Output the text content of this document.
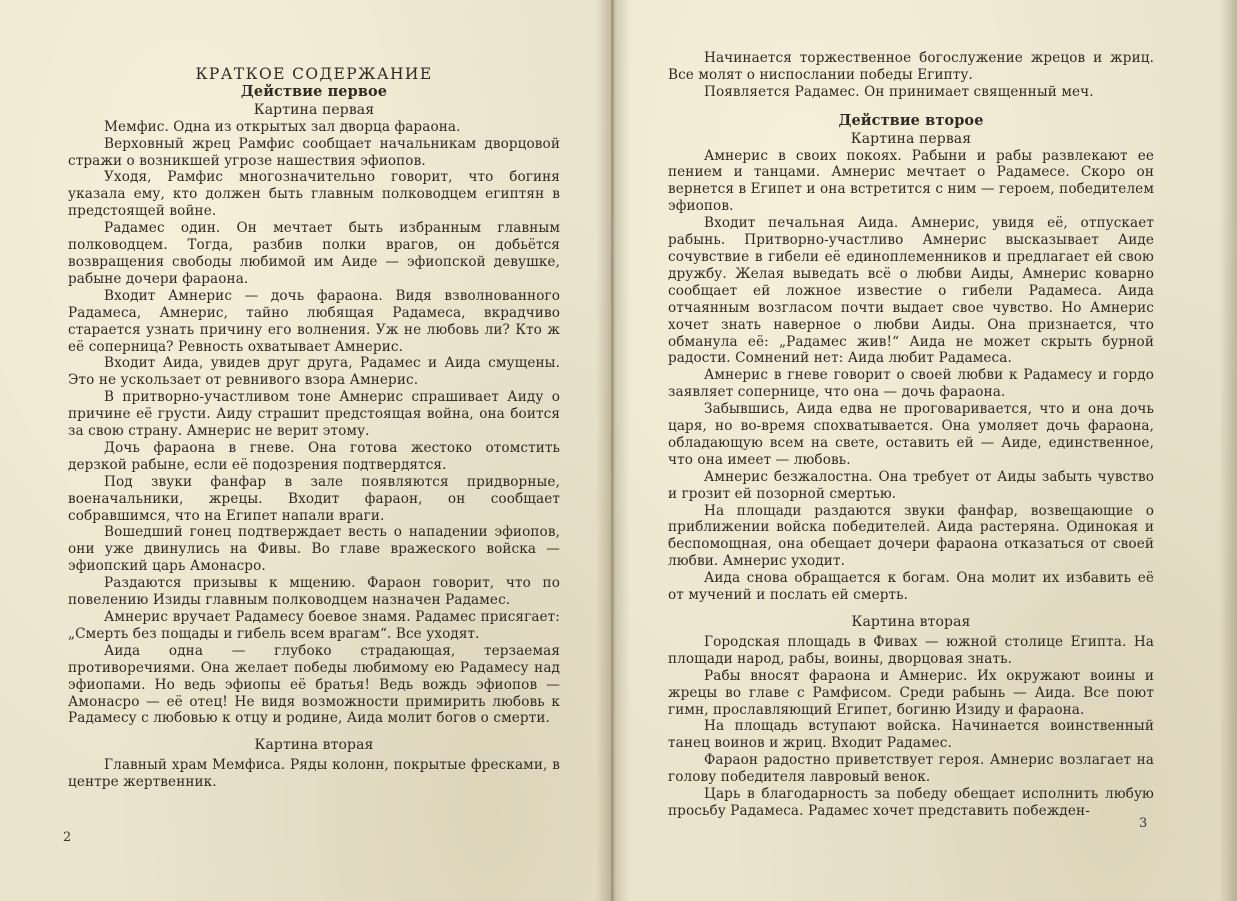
КРАТКОЕ СОДЕРЖАНИЕ
Действие первое
Картина первая

Мемфис. Одна из открытых зал дворца фараона.

Верховный жрец Рамфис сообщает начальникам дворцовой стражи о возникшей угрозе нашествия эфиопов.

Уходя, Рамфис многозначительно говорит, что богиня указала ему, кто должен быть главным полководцем египтян в предстоящей войне.

Радамес один. Он мечтает быть избранным главным полководцем. Тогда, разбив полки врагов, он добьётся возвращения свободы любимой им Аиде — эфиопской девушке, рабыне дочери фараона.

Входит Амнерис — дочь фараона. Видя взволнованного Радамеса, Амнерис, тайно любящая Радамеса, вкрадчиво старается узнать причину его волнения. Уж не любовь ли? Кто ж её соперница? Ревность охватывает Амнерис.

Входит Аида, увидев друг друга, Радамес и Аида смущены. Это не ускользает от ревнивого взора Амнерис.

В притворно-участливом тоне Амнерис спрашивает Аиду о причине её грусти. Аиду страшит предстоящая война, она боится за свою страну. Амнерис не верит этому.

Дочь фараона в гневе. Она готова жестоко отомстить дерзкой рабыне, если её подозрения подтвердятся.

Под звуки фанфар в зале появляются придворные, военачальники, жрецы. Входит фараон, он сообщает собравшимся, что на Египет напали враги.

Вошедший гонец подтверждает весть о нападении эфиопов, они уже двинулись на Фивы. Во главе вражеского войска — эфиопский царь Амонасро.

Раздаются призывы к мщению. Фараон говорит, что по повелению Изиды главным полководцем назначен Радамес.

Амнерис вручает Радамесу боевое знамя. Радамес присягает: „Смерть без пощады и гибель всем врагам“. Все уходят.

Аида одна — глубоко страдающая, терзаемая противоречиями. Она желает победы любимому ею Радамесу над эфиопами. Но ведь эфиопы её братья! Ведь вождь эфиопов — Амонасро — её отец! Не видя возможности примирить любовь к Радамесу с любовью к отцу и родине, Аида молит богов о смерти.

Картина вторая

Главный храм Мемфиса. Ряды колонн, покрытые фресками, в центре жертвенник.

2

Начинается торжественное богослужение жрецов и жриц. Все молят о ниспослании победы Египту.

Появляется Радамес. Он принимает священный меч.

Действие второе
Картина первая

Амнерис в своих покоях. Рабыни и рабы развлекают ее пением и танцами. Амнерис мечтает о Радамесе. Скоро он вернется в Египет и она встретится с ним — героем, победителем эфиопов.

Входит печальная Аида. Амнерис, увидя её, отпускает рабынь. Притворно-участливо Амнерис высказывает Аиде сочувствие в гибели её единоплеменников и предлагает ей свою дружбу. Желая выведать всё о любви Аиды, Амнерис коварно сообщает ей ложное известие о гибели Радамеса. Аида отчаянным возгласом почти выдает свое чувство. Но Амнерис хочет знать наверное о любви Аиды. Она признается, что обманула её: „Радамес жив!“ Аида не может скрыть бурной радости. Сомнений нет: Аида любит Радамеса.

Амнерис в гневе говорит о своей любви к Радамесу и гордо заявляет сопернице, что она — дочь фараона.

Забывшись, Аида едва не проговаривается, что и она дочь царя, но во-время спохватывается. Она умоляет дочь фараона, обладающую всем на свете, оставить ей — Аиде, единственное, что она имеет — любовь.

Амнерис безжалостна. Она требует от Аиды забыть чувство и грозит ей позорной смертью.

На площади раздаются звуки фанфар, возвещающие о приближении войска победителей. Аида растеряна. Одинокая и беспомощная, она обещает дочери фараона отказаться от своей любви. Амнерис уходит.

Аида снова обращается к богам. Она молит их избавить её от мучений и послать ей смерть.

Картина вторая

Городская площадь в Фивах — южной столице Египта. На площади народ, рабы, воины, дворцовая знать.

Рабы вносят фараона и Амнерис. Их окружают воины и жрецы во главе с Рамфисом. Среди рабынь — Аида. Все поют гимн, прославляющий Египет, богиню Изиду и фараона.

На площадь вступают войска. Начинается воинственный танец воинов и жриц. Входит Радамес.

Фараон радостно приветствует героя. Амнерис возлагает на голову победителя лавровый венок.

Царь в благодарность за победу обещает исполнить любую просьбу Радамеса. Радамес хочет представить побежден-

3
